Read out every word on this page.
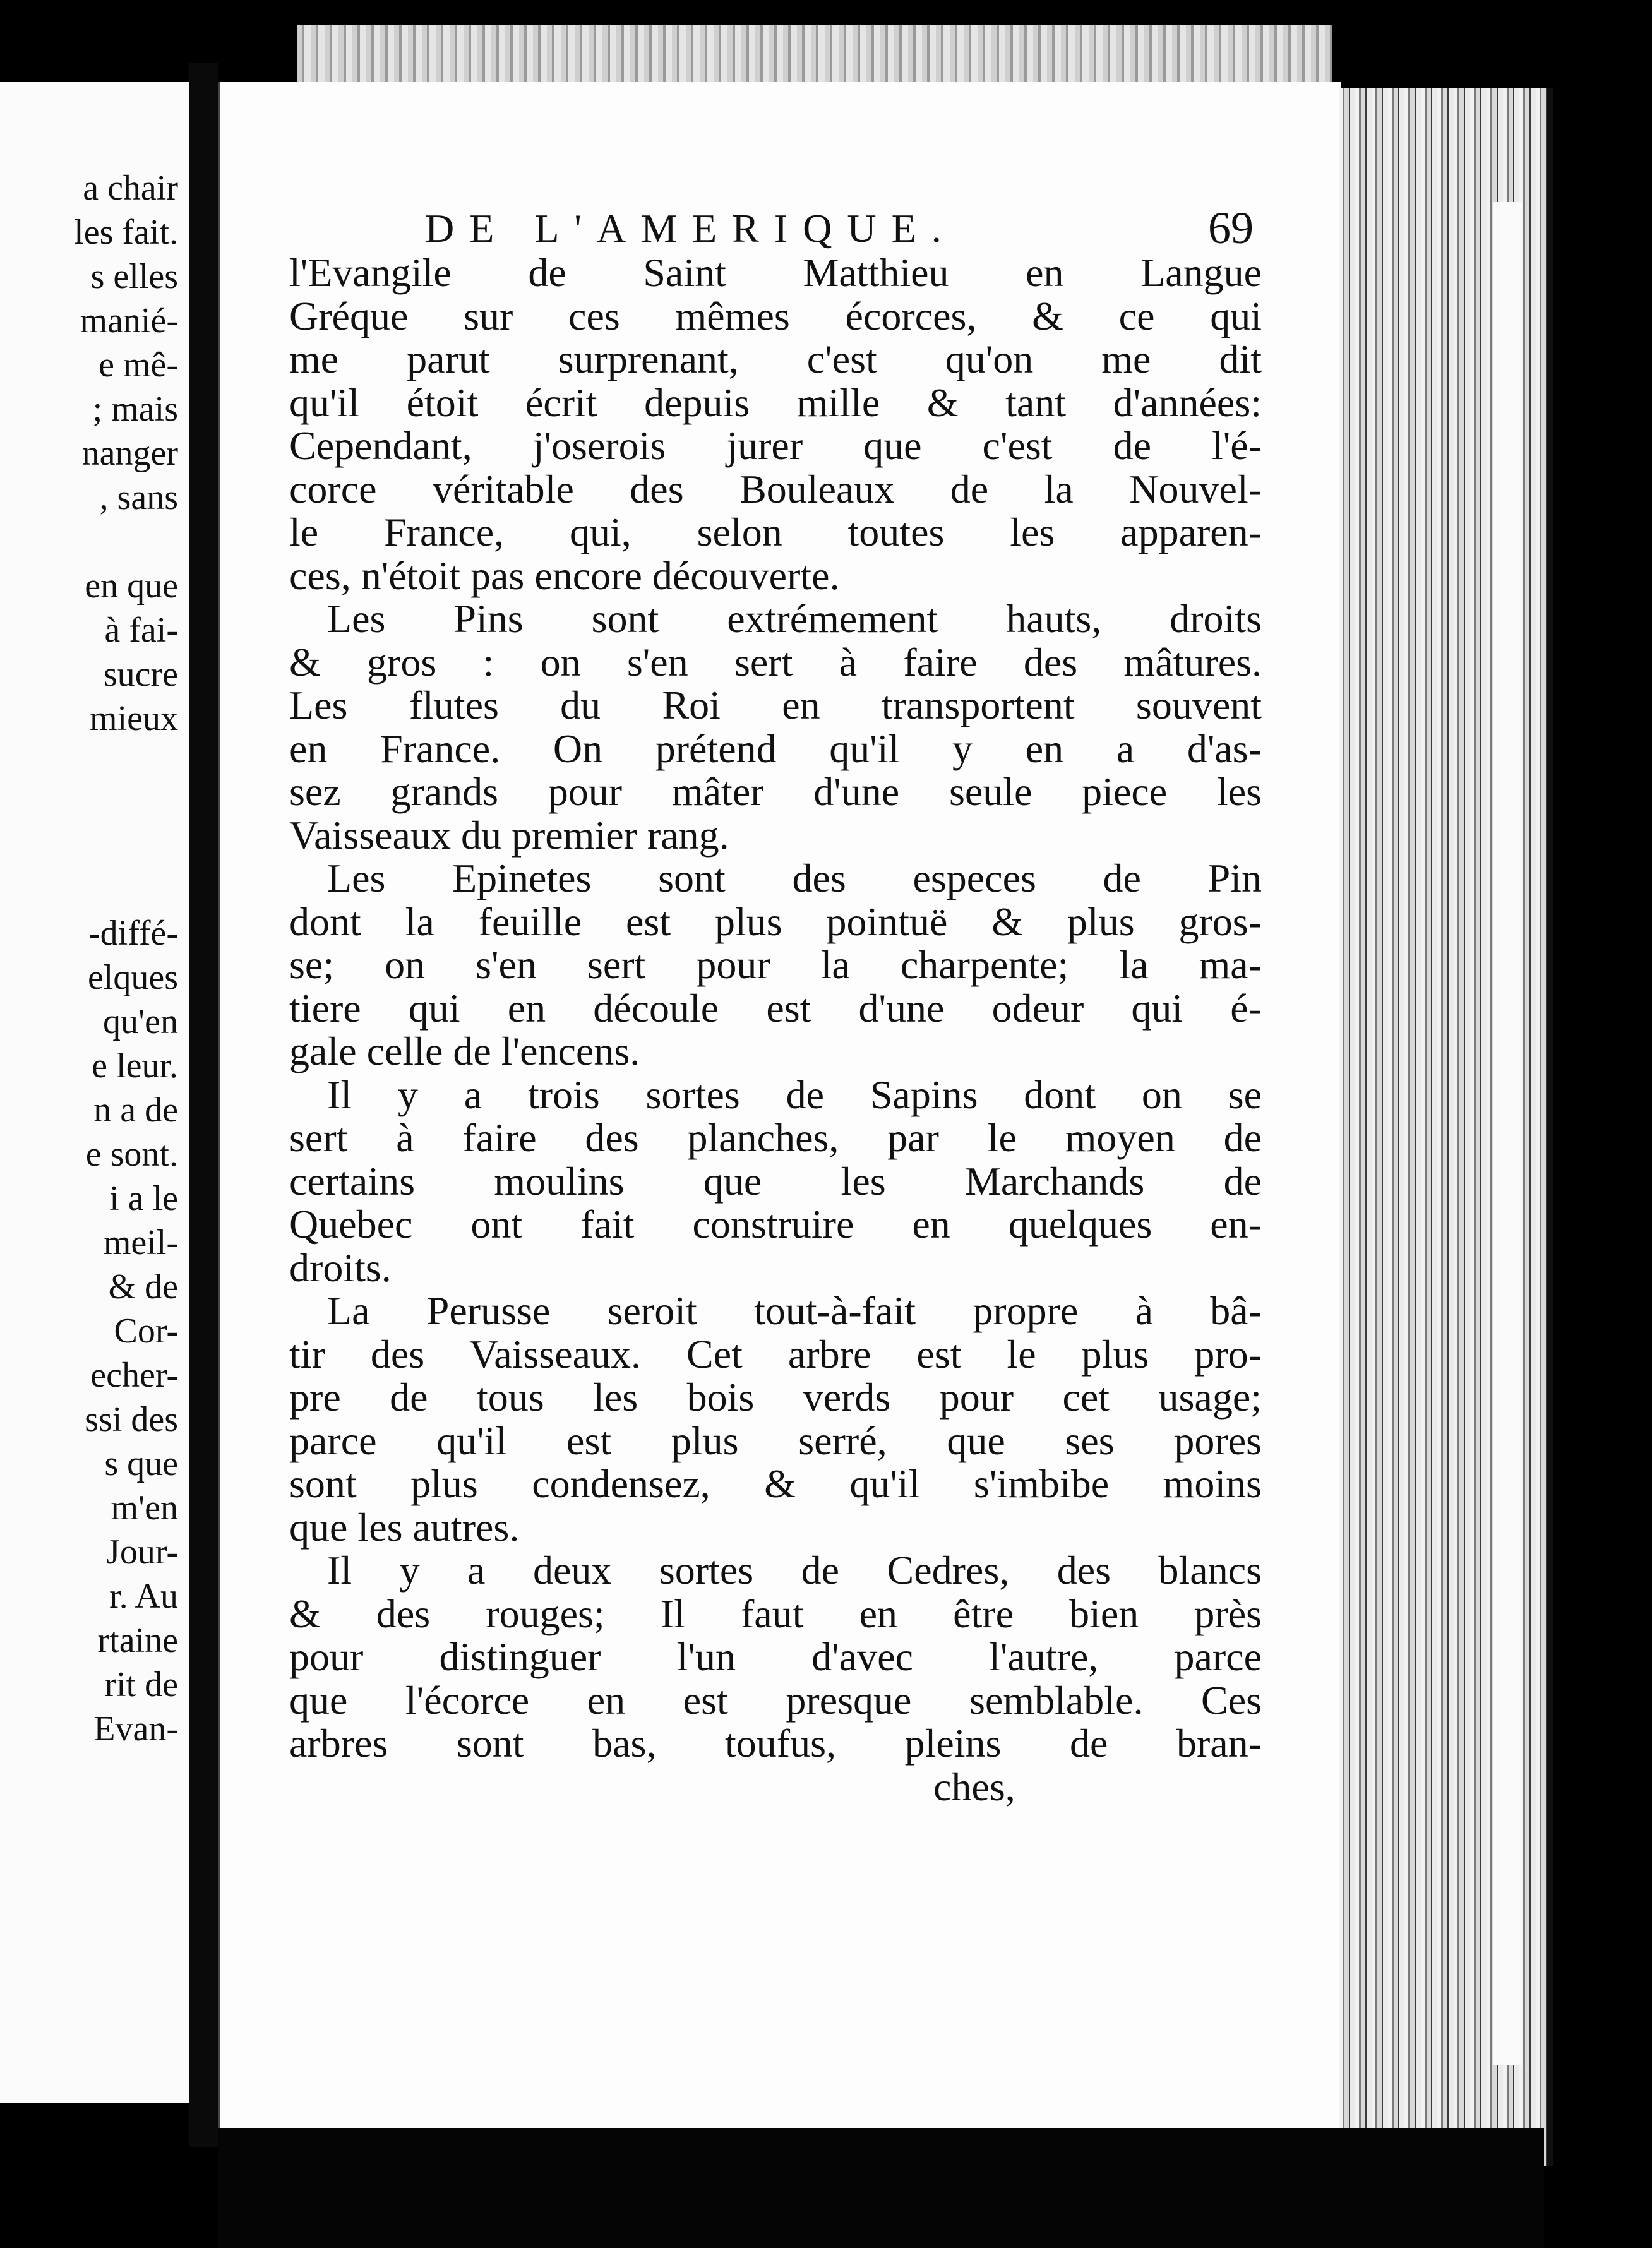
a chair
les fait.
s elles
manié-
e mê-
; mais
nanger
, sans
en que
à fai-
sucre
mieux
-diffé-
elques
qu'en
e leur.
n a de
e sont.
i a le
meil-
& de
Cor-
echer-
ssi des
s que
m'en
Jour-
r. Au
rtaine
rit de
Evan-
DE L'AMERIQUE.	69
l'Evangile de Saint Matthieu en Langue
Gréque sur ces mêmes écorces, & ce qui
me parut surprenant, c'est qu'on me dit
qu'il étoit écrit depuis mille & tant d'années:
Cependant, j'oserois jurer que c'est de l'é-
corce véritable des Bouleaux de la Nouvel-
le France, qui, selon toutes les apparen-
ces, n'étoit pas encore découverte.
Les Pins sont extrémement hauts, droits
& gros : on s'en sert à faire des mâtures.
Les flutes du Roi en transportent souvent
en France. On prétend qu'il y en a d'as-
sez grands pour mâter d'une seule piece les
Vaisseaux du premier rang.
Les Epinetes sont des especes de Pin
dont la feuille est plus pointuë & plus gros-
se; on s'en sert pour la charpente; la ma-
tiere qui en découle est d'une odeur qui é-
gale celle de l'encens.
Il y a trois sortes de Sapins dont on se
sert à faire des planches, par le moyen de
certains moulins que les Marchands de
Quebec ont fait construire en quelques en-
droits.
La Perusse seroit tout-à-fait propre à bâ-
tir des Vaisseaux. Cet arbre est le plus pro-
pre de tous les bois verds pour cet usage;
parce qu'il est plus serré, que ses pores
sont plus condensez, & qu'il s'imbibe moins
que les autres.
Il y a deux sortes de Cedres, des blancs
& des rouges; Il faut en être bien près
pour distinguer l'un d'avec l'autre, parce
que l'écorce en est presque semblable. Ces
arbres sont bas, toufus, pleins de bran-
ches,
